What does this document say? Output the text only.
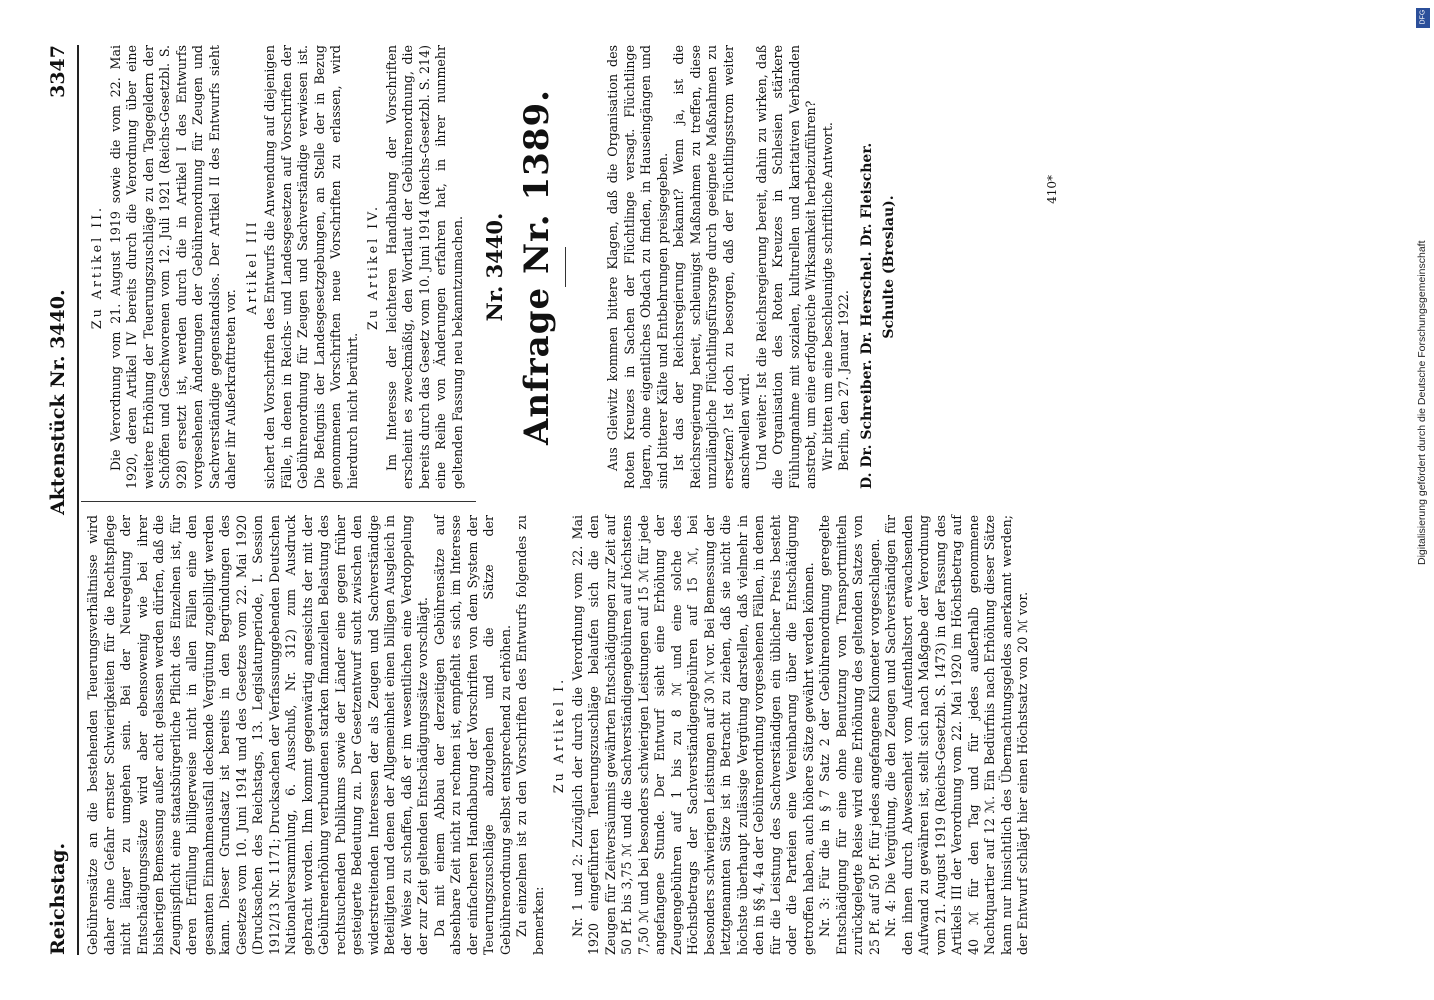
Reichstag.
Aktenstück Nr. 3440.
3347

Gebührensätze an die bestehenden Teuerungsverhältnisse wird daher ohne Gefahr ernster Schwierigkeiten für die Rechtspflege nicht länger zu umgehen sein. Bei der Neuregelung der Entschädigungssätze wird aber ebensowenig wie bei ihrer bisherigen Bemessung außer acht gelassen werden dürfen, daß die Zeugnispflicht eine staatsbürgerliche Pflicht des Einzelnen ist, für deren Erfüllung billigerweise nicht in allen Fällen eine den gesamten Einnahmeausfall deckende Vergütung zugebilligt werden kann. Dieser Grundsatz ist bereits in den Begründungen des Gesetzes vom 10. Juni 1914 und des Gesetzes vom 22. Mai 1920 (Drucksachen des Reichstags, 13. Legislaturperiode, I. Session 1912/13 Nr. 1171; Drucksachen der Verfassunggebenden Deutschen Nationalversammlung, 6. Ausschuß, Nr. 312) zum Ausdruck gebracht worden. Ihm kommt gegenwärtig angesichts der mit der Gebührenerhöhung verbundenen starken finanziellen Belastung des rechtsuchenden Publikums sowie der Länder eine gegen früher gesteigerte Bedeutung zu. Der Gesetzentwurf sucht zwischen den widerstreitenden Interessen der als Zeugen und Sachverständige Beteiligten und denen der Allgemeinheit einen billigen Ausgleich in der Weise zu schaffen, daß er im wesentlichen eine Verdoppelung der zur Zeit geltenden Entschädigungssätze vorschlägt. Da mit einem Abbau der derzeitigen Gebührensätze auf absehbare Zeit nicht zu rechnen ist, empfiehlt es sich, im Interesse der einfacheren Handhabung der Vorschriften von dem System der Teuerungszuschläge abzugehen und die Sätze der Gebührenordnung selbst entsprechend zu erhöhen. Zu einzelnen ist zu den Vorschriften des Entwurfs folgendes zu bemerken:

Zu Artikel I. Nr. 1 und 2: Zuzüglich der durch die Verordnung vom 22. Mai 1920 eingeführten Teuerungszuschläge belaufen sich die den Zeugen für Zeitversäumnis gewährten Entschädigungen zur Zeit auf 50 Pf. bis 3,75 ℳ und die Sachverständigengebühren auf höchstens 7,50 ℳ und bei besonders schwierigen Leistungen auf 15 ℳ für jede angefangene Stunde. Der Entwurf sieht eine Erhöhung der Zeugengebühren auf 1 bis zu 8 ℳ und eine solche des Höchstbetrags der Sachverständigengebühren auf 15 ℳ, bei besonders schwierigen Leistungen auf 30 ℳ vor. Bei Bemessung der letztgenannten Sätze ist in Betracht zu ziehen, daß sie nicht die höchste überhaupt zulässige Vergütung darstellen, daß vielmehr in den in §§ 4, 4a der Gebührenordnung vorgesehenen Fällen, in denen für die Leistung des Sachverständigen ein üblicher Preis besteht oder die Parteien eine Vereinbarung über die Entschädigung getroffen haben, auch höhere Sätze gewährt werden können. Nr. 3: Für die in § 7 Satz 2 der Gebührenordnung geregelte Entschädigung für eine ohne Benutzung von Transportmitteln zurückgelegte Reise wird eine Erhöhung des geltenden Satzes von 25 Pf. auf 50 Pf. für jedes angefangene Kilometer vorgeschlagen. Nr. 4: Die Vergütung, die den Zeugen und Sachverständigen für den ihnen durch Abwesenheit vom Aufenthaltsort erwachsenden Aufwand zu gewähren ist, stellt sich nach Maßgabe der Verordnung vom 21. August 1919 (Reichs-Gesetzbl. S. 1473) in der Fassung des Artikels III der Verordnung vom 22. Mai 1920 im Höchstbetrag auf 40 ℳ für den Tag und für jedes außerhalb genommene Nachtquartier auf 12 ℳ. Ein Bedürfnis nach Erhöhung dieser Sätze kann nur hinsichtlich des Übernachtungsgeldes anerkannt werden; der Entwurf schlägt hier einen Höchstsatz von 20 ℳ vor.

Zu Artikel II. Die Verordnung vom 21. August 1919 sowie die vom 22. Mai 1920, deren Artikel IV bereits durch die Verordnung über eine weitere Erhöhung der Teuerungszuschläge zu den Tagegeldern der Schöffen und Geschworenen vom 12. Juli 1921 (Reichs-Gesetzbl. S. 928) ersetzt ist, werden durch die in Artikel I des Entwurfs vorgesehenen Änderungen der Gebührenordnung für Zeugen und Sachverständige gegenstandslos. Der Artikel II des Entwurfs sieht daher ihr Außerkrafttreten vor.

Artikel III sichert den Vorschriften des Entwurfs die Anwendung auf diejenigen Fälle, in denen in Reichs- und Landesgesetzen auf Vorschriften der Gebührenordnung für Zeugen und Sachverständige verwiesen ist. Die Befugnis der Landesgesetzgebungen, an Stelle der in Bezug genommenen Vorschriften neue Vorschriften zu erlassen, wird hierdurch nicht berührt.

Zu Artikel IV. Im Interesse der leichteren Handhabung der Vorschriften erscheint es zweckmäßig, den Wortlaut der Gebührenordnung, die bereits durch das Gesetz vom 10. Juni 1914 (Reichs-Gesetzbl. S. 214) eine Reihe von Änderungen erfahren hat, in ihrer nunmehr geltenden Fassung neu bekanntzumachen. Nr. 3440. Anfrage Nr. 1389.	Aus Gleiwitz kommen bittere Klagen, daß die Organisation des Roten Kreuzes in Sachen der Flüchtlinge versagt. Flüchtlinge lagern, ohne eigentliches Obdach zu finden, in Hauseingängen und sind bitterer Kälte und Entbehrungen preisgegeben. Ist das der Reichsregierung bekannt? Wenn ja, ist die Reichsregierung bereit, schleunigst Maßnahmen zu treffen, diese unzulängliche Flüchtlingsfürsorge durch geeignete Maßnahmen zu ersetzen? Ist doch zu besorgen, daß der Flüchtlingsstrom weiter anschwellen wird. Und weiter: Ist die Reichsregierung bereit, dahin zu wirken, daß die Organisation des Roten Kreuzes in Schlesien stärkere Fühlungnahme mit sozialen, kulturellen und karitativen Verbänden anstrebt, um eine erfolgreiche Wirksamkeit herbeizuführen? Wir bitten um eine beschleunigte schriftliche Antwort. Berlin, den 27. Januar 1922. D. Dr. Schreiber. Dr. Herschel. Dr. Fleischer. Schulte (Breslau).

410*
Digitalisierung gefördert durch die Deutsche Forschungsgemeinschaft
DFG
